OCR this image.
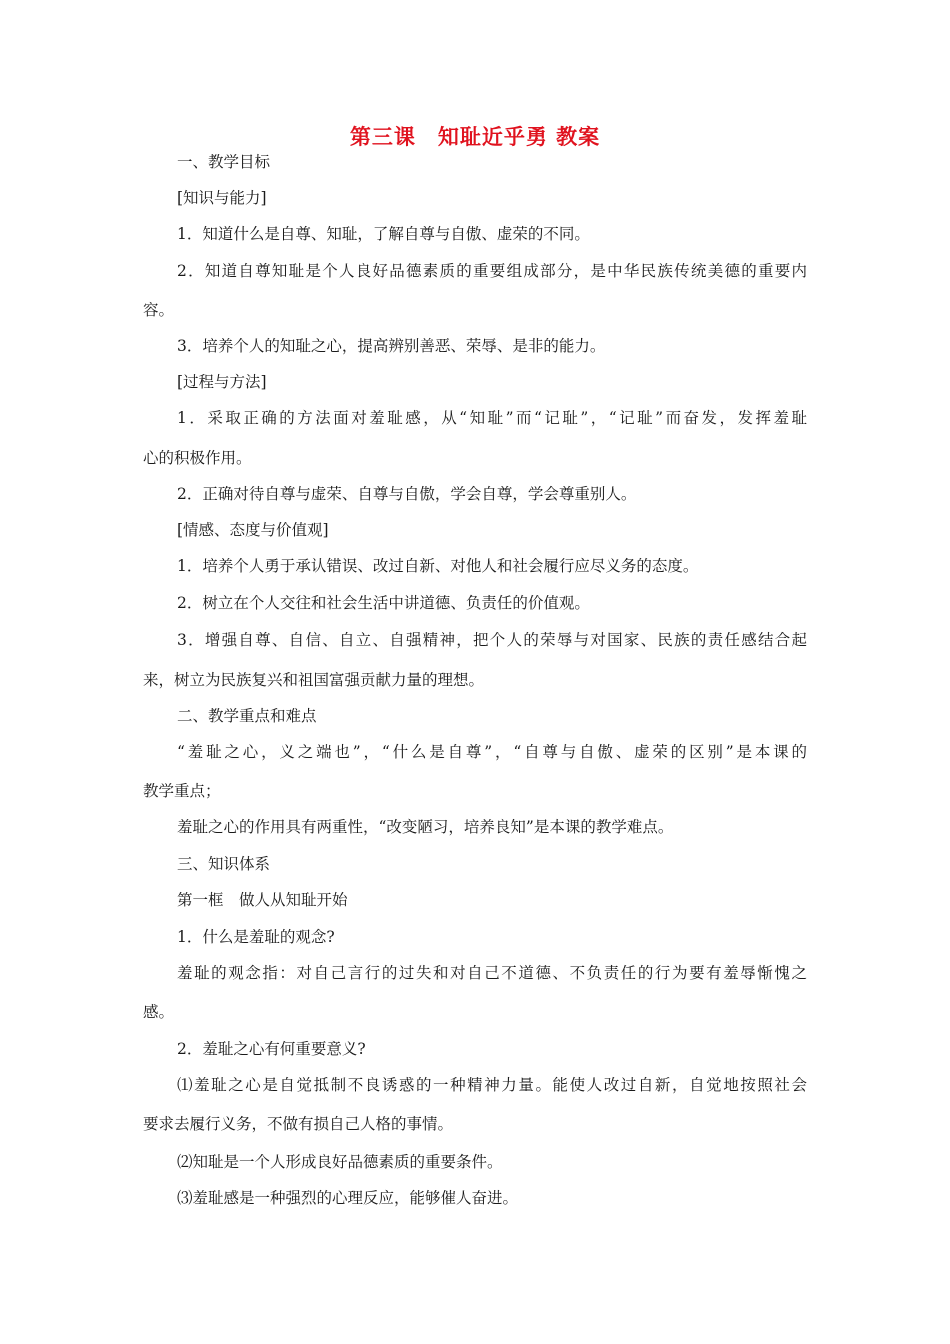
第三课　知耻近乎勇 教案
一、教学目标
[知识与能力]
1．知道什么是自尊、知耻，了解自尊与自傲、虚荣的不同。
2．知道自尊知耻是个人良好品德素质的重要组成部分，是中华民族传统美德的重要内
容。
3．培养个人的知耻之心，提高辨别善恶、荣辱、是非的能力。
[过程与方法]
1．采取正确的方法面对羞耻感，从“知耻”而“记耻”，“记耻”而奋发，发挥羞耻
心的积极作用。
2．正确对待自尊与虚荣、自尊与自傲，学会自尊，学会尊重别人。
[情感、态度与价值观]
1．培养个人勇于承认错误、改过自新、对他人和社会履行应尽义务的态度。
2．树立在个人交往和社会生活中讲道德、负责任的价值观。
3．增强自尊、自信、自立、自强精神，把个人的荣辱与对国家、民族的责任感结合起
来，树立为民族复兴和祖国富强贡献力量的理想。
二、教学重点和难点
“羞耻之心，义之端也”，“什么是自尊”，“自尊与自傲、虚荣的区别”是本课的
教学重点；
羞耻之心的作用具有两重性，“改变陋习，培养良知”是本课的教学难点。
三、知识体系
第一框　做人从知耻开始
1．什么是羞耻的观念?
羞耻的观念指：对自己言行的过失和对自己不道德、不负责任的行为要有羞辱惭愧之
感。
2．羞耻之心有何重要意义?
⑴羞耻之心是自觉抵制不良诱惑的一种精神力量。能使人改过自新，自觉地按照社会
要求去履行义务，不做有损自己人格的事情。
⑵知耻是一个人形成良好品德素质的重要条件。
⑶羞耻感是一种强烈的心理反应，能够催人奋进。
